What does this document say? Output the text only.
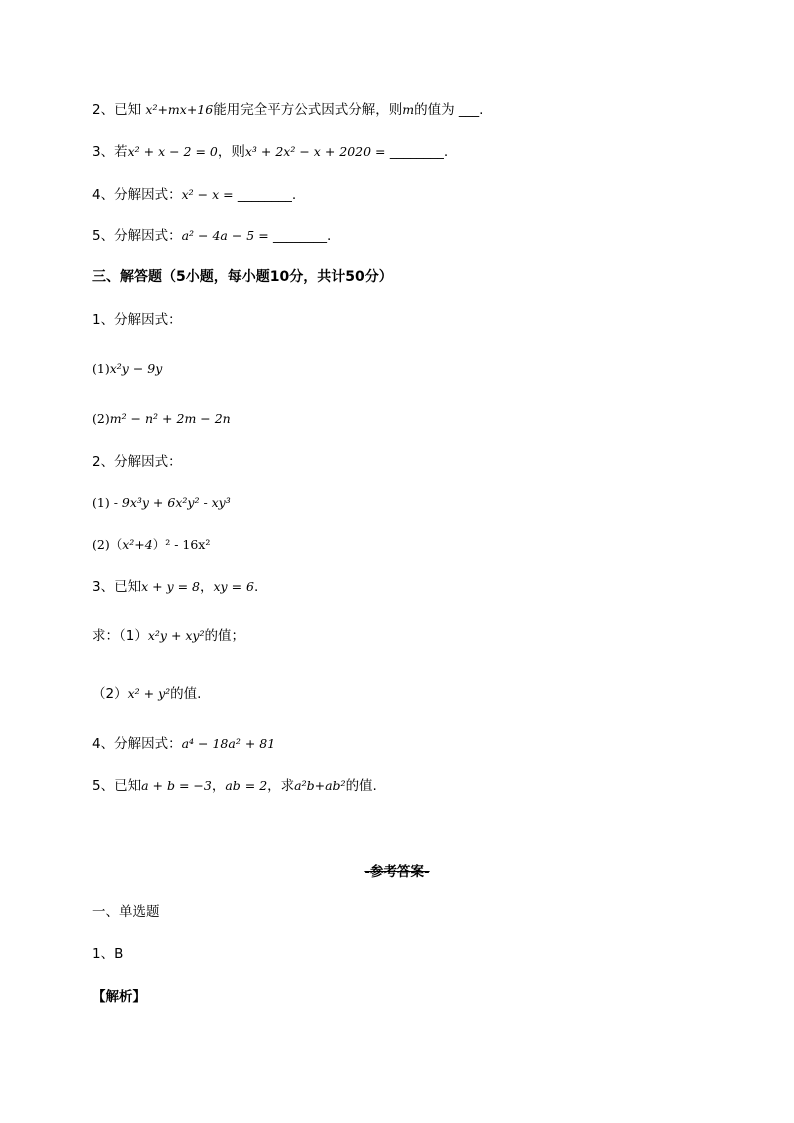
2、已知 x²+mx+16能用完全平方公式因式分解，则m的值为 ___.
3、若x² + x − 2 = 0，则x³ + 2x² − x + 2020 = ________.
4、分解因式：x² − x = ________.
5、分解因式：a² − 4a − 5 = ________.
三、解答题（5小题，每小题10分，共计50分）
1、分解因式：
(1)x²y − 9y
(2)m² − n² + 2m − 2n
2、分解因式：
(1) - 9x³y + 6x²y² - xy³
(2)（x²+4）² - 16x²
3、已知x + y = 8，xy = 6.
求：（1）x²y + xy²的值；
（2）x² + y²的值.
4、分解因式：a⁴ − 18a² + 81
5、已知a + b = −3，ab = 2，求a²b+ab²的值.
-参考答案-
一、单选题
1、B
【解析】
